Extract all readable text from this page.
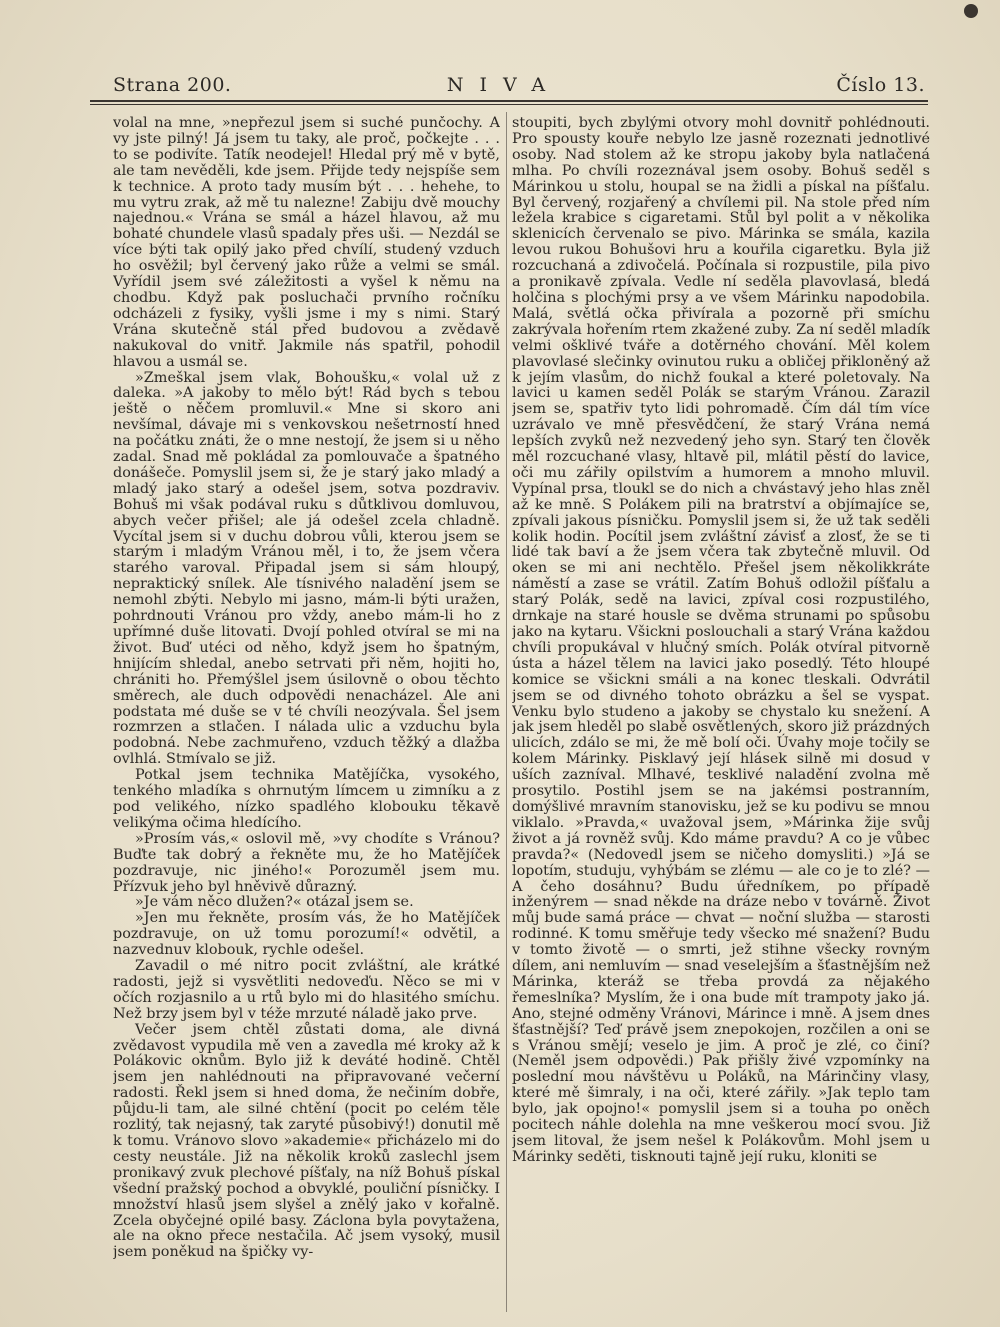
Strana 200.	NIVA	Číslo 13.

volal na mne, »nepřezul jsem si suché punčochy. A vy jste pilný! Já jsem tu taky, ale proč, počkejte . . . to se podivíte. Tatík neodejel! Hledal prý mě v bytě, ale tam nevěděli, kde jsem. Přijde tedy nejspíše sem k technice. A proto tady musím být . . . hehehe, to mu vytru zrak, až mě tu nalezne! Zabiju dvě mouchy najednou.« Vrána se smál a házel hlavou, až mu bohaté chundele vlasů spadaly přes uši. — Nezdál se více býti tak opilý jako před chvílí, studený vzduch ho osvěžil; byl červený jako růže a velmi se smál. Vyřídil jsem své záležitosti a vyšel k němu na chodbu. Když pak posluchači prvního ročníku odcházeli z fysiky, vyšli jsme i my s nimi. Starý Vrána skutečně stál před budovou a zvědavě nakukoval do vnitř. Jakmile nás spatřil, pohodil hlavou a usmál se.

»Zmeškal jsem vlak, Bohoušku,« volal už z daleka. »A jakoby to mělo být! Rád bych s tebou ještě o něčem promluvil.« Mne si skoro ani nevšímal, dávaje mi s venkovskou nešetrností hned na počátku znáti, že o mne nestojí, že jsem si u něho zadal. Snad mě pokládal za pomlouvače a špatného donášeče. Pomyslil jsem si, že je starý jako mladý a mladý jako starý a odešel jsem, sotva pozdraviv. Bohuš mi však podával ruku s důtklivou domluvou, abych večer přišel; ale já odešel zcela chladně. Vycítal jsem si v duchu dobrou vůli, kterou jsem se starým i mladým Vránou měl, i to, že jsem včera starého varoval. Připadal jsem si sám hloupý, nepraktický snílek. Ale tísnivého naladění jsem se nemohl zbýti. Nebylo mi jasno, mám-li býti uražen, pohrdnouti Vránou pro vždy, anebo mám-li ho z upřímné duše litovati. Dvojí pohled otvíral se mi na život. Buď utéci od něho, když jsem ho špatným, hnijícím shledal, anebo setrvati při něm, hojiti ho, chrániti ho. Přemýšlel jsem úsilovně o obou těchto směrech, ale duch odpovědi nenacházel. Ale ani podstata mé duše se v té chvíli neozývala. Šel jsem rozmrzen a stlačen. I nálada ulic a vzduchu byla podobná. Nebe zachmuřeno, vzduch těžký a dlažba ovlhlá. Stmívalo se již.

Potkal jsem technika Matějíčka, vysokého, tenkého mladíka s ohrnutým límcem u zimníku a z pod velikého, nízko spadlého klobouku těkavě velikýma očima hledícího.

»Prosím vás,« oslovil mě, »vy chodíte s Vránou? Buďte tak dobrý a řekněte mu, že ho Matějíček pozdravuje, nic jiného!« Porozuměl jsem mu. Přízvuk jeho byl hněvivě důrazný.

»Je vám něco dlužen?« otázal jsem se.

»Jen mu řekněte, prosím vás, že ho Matějíček pozdravuje, on už tomu porozumí!« odvětil, a nazvednuv klobouk, rychle odešel.

Zavadil o mé nitro pocit zvláštní, ale krátké radosti, jejž si vysvětliti nedoveďu. Něco se mi v očích rozjasnilo a u rtů bylo mi do hlasitého smíchu. Než brzy jsem byl v téže mrzuté náladě jako prve.

Večer jsem chtěl zůstati doma, ale divná zvědavost vypudila mě ven a zavedla mé kroky až k Polákovic oknům. Bylo již k deváté hodině. Chtěl jsem jen nahlédnouti na připravované večerní radosti. Řekl jsem si hned doma, že nečiním dobře, půjdu-li tam, ale silné chtění (pocit po celém těle rozlitý, tak nejasný, tak zaryté působivý!) donutil mě k tomu. Vránovo slovo »akademie« přicházelo mi do cesty neustále. Již na několik kroků zaslechl jsem pronikavý zvuk plechové píšťaly, na níž Bohuš pískal všední pražský pochod a obvyklé, pouliční písničky. I množství hlasů jsem slyšel a znělý jako v kořalně. Zcela obyčejné opilé basy. Záclona byla povytažena, ale na okno přece nestačila. Ač jsem vysoký, musil jsem poněkud na špičky vy-

stoupiti, bych zbylými otvory mohl dovnitř pohlédnouti. Pro spousty kouře nebylo lze jasně rozeznati jednotlivé osoby. Nad stolem až ke stropu jakoby byla natlačená mlha. Po chvíli rozeznával jsem osoby. Bohuš seděl s Márinkou u stolu, houpal se na židli a pískal na píšťalu. Byl červený, rozjařený a chvílemi pil. Na stole před ním ležela krabice s cigaretami. Stůl byl polit a v několika sklenicích červenalo se pivo. Márinka se smála, kazila levou rukou Bohušovi hru a kouřila cigaretku. Byla již rozcuchaná a zdivočelá. Počínala si rozpustile, pila pivo a pronikavě zpívala. Vedle ní seděla plavovlasá, bledá holčina s plochými prsy a ve všem Márinku napodobila. Malá, světlá očka přivírala a pozorně při smíchu zakrývala hořením rtem zkažené zuby. Za ní seděl mladík velmi ošklivé tváře a dotěrného chování. Měl kolem plavovlasé slečinky ovinutou ruku a obličej přikloněný až k jejím vlasům, do nichž foukal a které poletovaly. Na lavici u kamen seděl Polák se starým Vránou. Zarazil jsem se, spatřiv tyto lidi pohromadě. Čím dál tím více uzrávalo ve mně přesvědčení, že starý Vrána nemá lepších zvyků než nezvedený jeho syn. Starý ten člověk měl rozcuchané vlasy, hltavě pil, mlátil pěstí do lavice, oči mu zářily opilstvím a humorem a mnoho mluvil. Vypínal prsa, tloukl se do nich a chvástavý jeho hlas zněl až ke mně. S Polákem pili na bratrství a objímajíce se, zpívali jakous písničku. Pomyslil jsem si, že už tak seděli kolik hodin. Pocítil jsem zvláštní závisť a zlosť, že se ti lidé tak baví a že jsem včera tak zbytečně mluvil. Od oken se mi ani nechtělo. Přešel jsem několikkráte náměstí a zase se vrátil. Zatím Bohuš odložil píšťalu a starý Polák, sedě na lavici, zpíval cosi rozpustilého, drnkaje na staré housle se dvěma strunami po spůsobu jako na kytaru. Všickni poslouchali a starý Vrána každou chvíli propukával v hlučný smích. Polák otvíral pitvorně ústa a házel tělem na lavici jako posedlý. Této hloupé komice se všickni smáli a na konec tleskali. Odvrátil jsem se od divného tohoto obrázku a šel se vyspat. Venku bylo studeno a jakoby se chystalo ku snežení. A jak jsem hleděl po slabě osvětlených, skoro již prázdných ulicích, zdálo se mi, že mě bolí oči. Úvahy moje točily se kolem Márinky. Pisklavý její hlásek silně mi dosud v uších zazníval. Mlhavé, tesklivé naladění zvolna mě prosytilo. Postihl jsem se na jakémsi postranním, domýšlivé mravním stanovisku, jež se ku podivu se mnou viklalo. »Pravda,« uvažoval jsem, »Márinka žije svůj život a já rovněž svůj. Kdo máme pravdu? A co je vůbec pravda?« (Nedovedl jsem se ničeho domysliti.) »Já se lopotím, studuju, vyhýbám se zlému — ale co je to zlé? — A čeho dosáhnu? Budu úředníkem, po případě inženýrem — snad někde na dráze nebo v továrně. Život můj bude samá práce — chvat — noční služba — starosti rodinné. K tomu směřuje tedy všecko mé snažení? Budu v tomto životě — o smrti, jež stihne všecky rovným dílem, ani nemluvím — snad veselejším a šťastnějším než Márinka, kteráž se třeba provdá za nějakého řemeslníka? Myslím, že i ona bude mít trampoty jako já. Ano, stejné odměny Vránovi, Márince i mně. A jsem dnes šťastnější? Teď právě jsem znepokojen, rozčilen a oni se s Vránou smějí; veselo je jim. A proč je zlé, co činí? (Neměl jsem odpovědi.) Pak přišly živé vzpomínky na poslední mou návštěvu u Poláků, na Márinčiny vlasy, které mě šimraly, i na oči, které zářily. »Jak teplo tam bylo, jak opojno!« pomyslil jsem si a touha po oněch pocitech náhle dolehla na mne veškerou mocí svou. Již jsem litoval, že jsem nešel k Polákovům. Mohl jsem u Márinky seděti, tisknouti tajně její ruku, kloniti se
